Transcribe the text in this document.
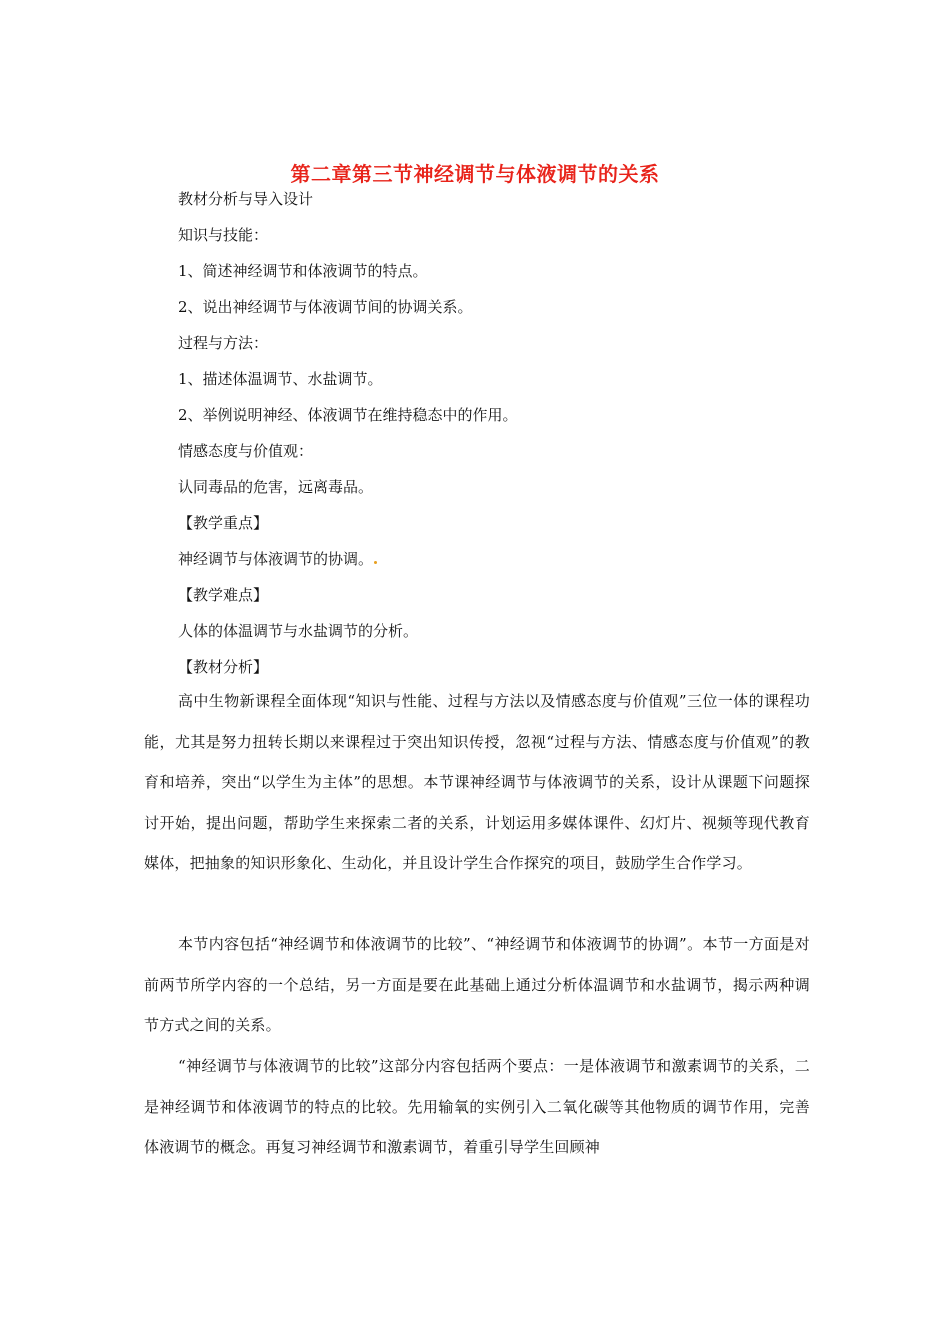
第二章第三节神经调节与体液调节的关系
教材分析与导入设计
知识与技能：
1、简述神经调节和体液调节的特点。
2、说出神经调节与体液调节间的协调关系。
过程与方法：
1、描述体温调节、水盐调节。
2、举例说明神经、体液调节在维持稳态中的作用。
情感态度与价值观：
认同毒品的危害，远离毒品。
【教学重点】
神经调节与体液调节的协调。
【教学难点】
人体的体温调节与水盐调节的分析。
【教材分析】
高中生物新课程全面体现“知识与性能、过程与方法以及情感态度与价值观”三位一体的课程功能，尤其是努力扭转长期以来课程过于突出知识传授，忽视“过程与方法、情感态度与价值观”的教育和培养，突出“以学生为主体”的思想。本节课神经调节与体液调节的关系，设计从课题下问题探讨开始，提出问题，帮助学生来探索二者的关系，计划运用多媒体课件、幻灯片、视频等现代教育媒体，把抽象的知识形象化、生动化，并且设计学生合作探究的项目，鼓励学生合作学习。
本节内容包括“神经调节和体液调节的比较”、“神经调节和体液调节的协调”。本节一方面是对前两节所学内容的一个总结，另一方面是要在此基础上通过分析体温调节和水盐调节，揭示两种调节方式之间的关系。
“神经调节与体液调节的比较”这部分内容包括两个要点：一是体液调节和激素调节的关系，二是神经调节和体液调节的特点的比较。先用输氧的实例引入二氧化碳等其他物质的调节作用，完善体液调节的概念。再复习神经调节和激素调节，着重引导学生回顾神
